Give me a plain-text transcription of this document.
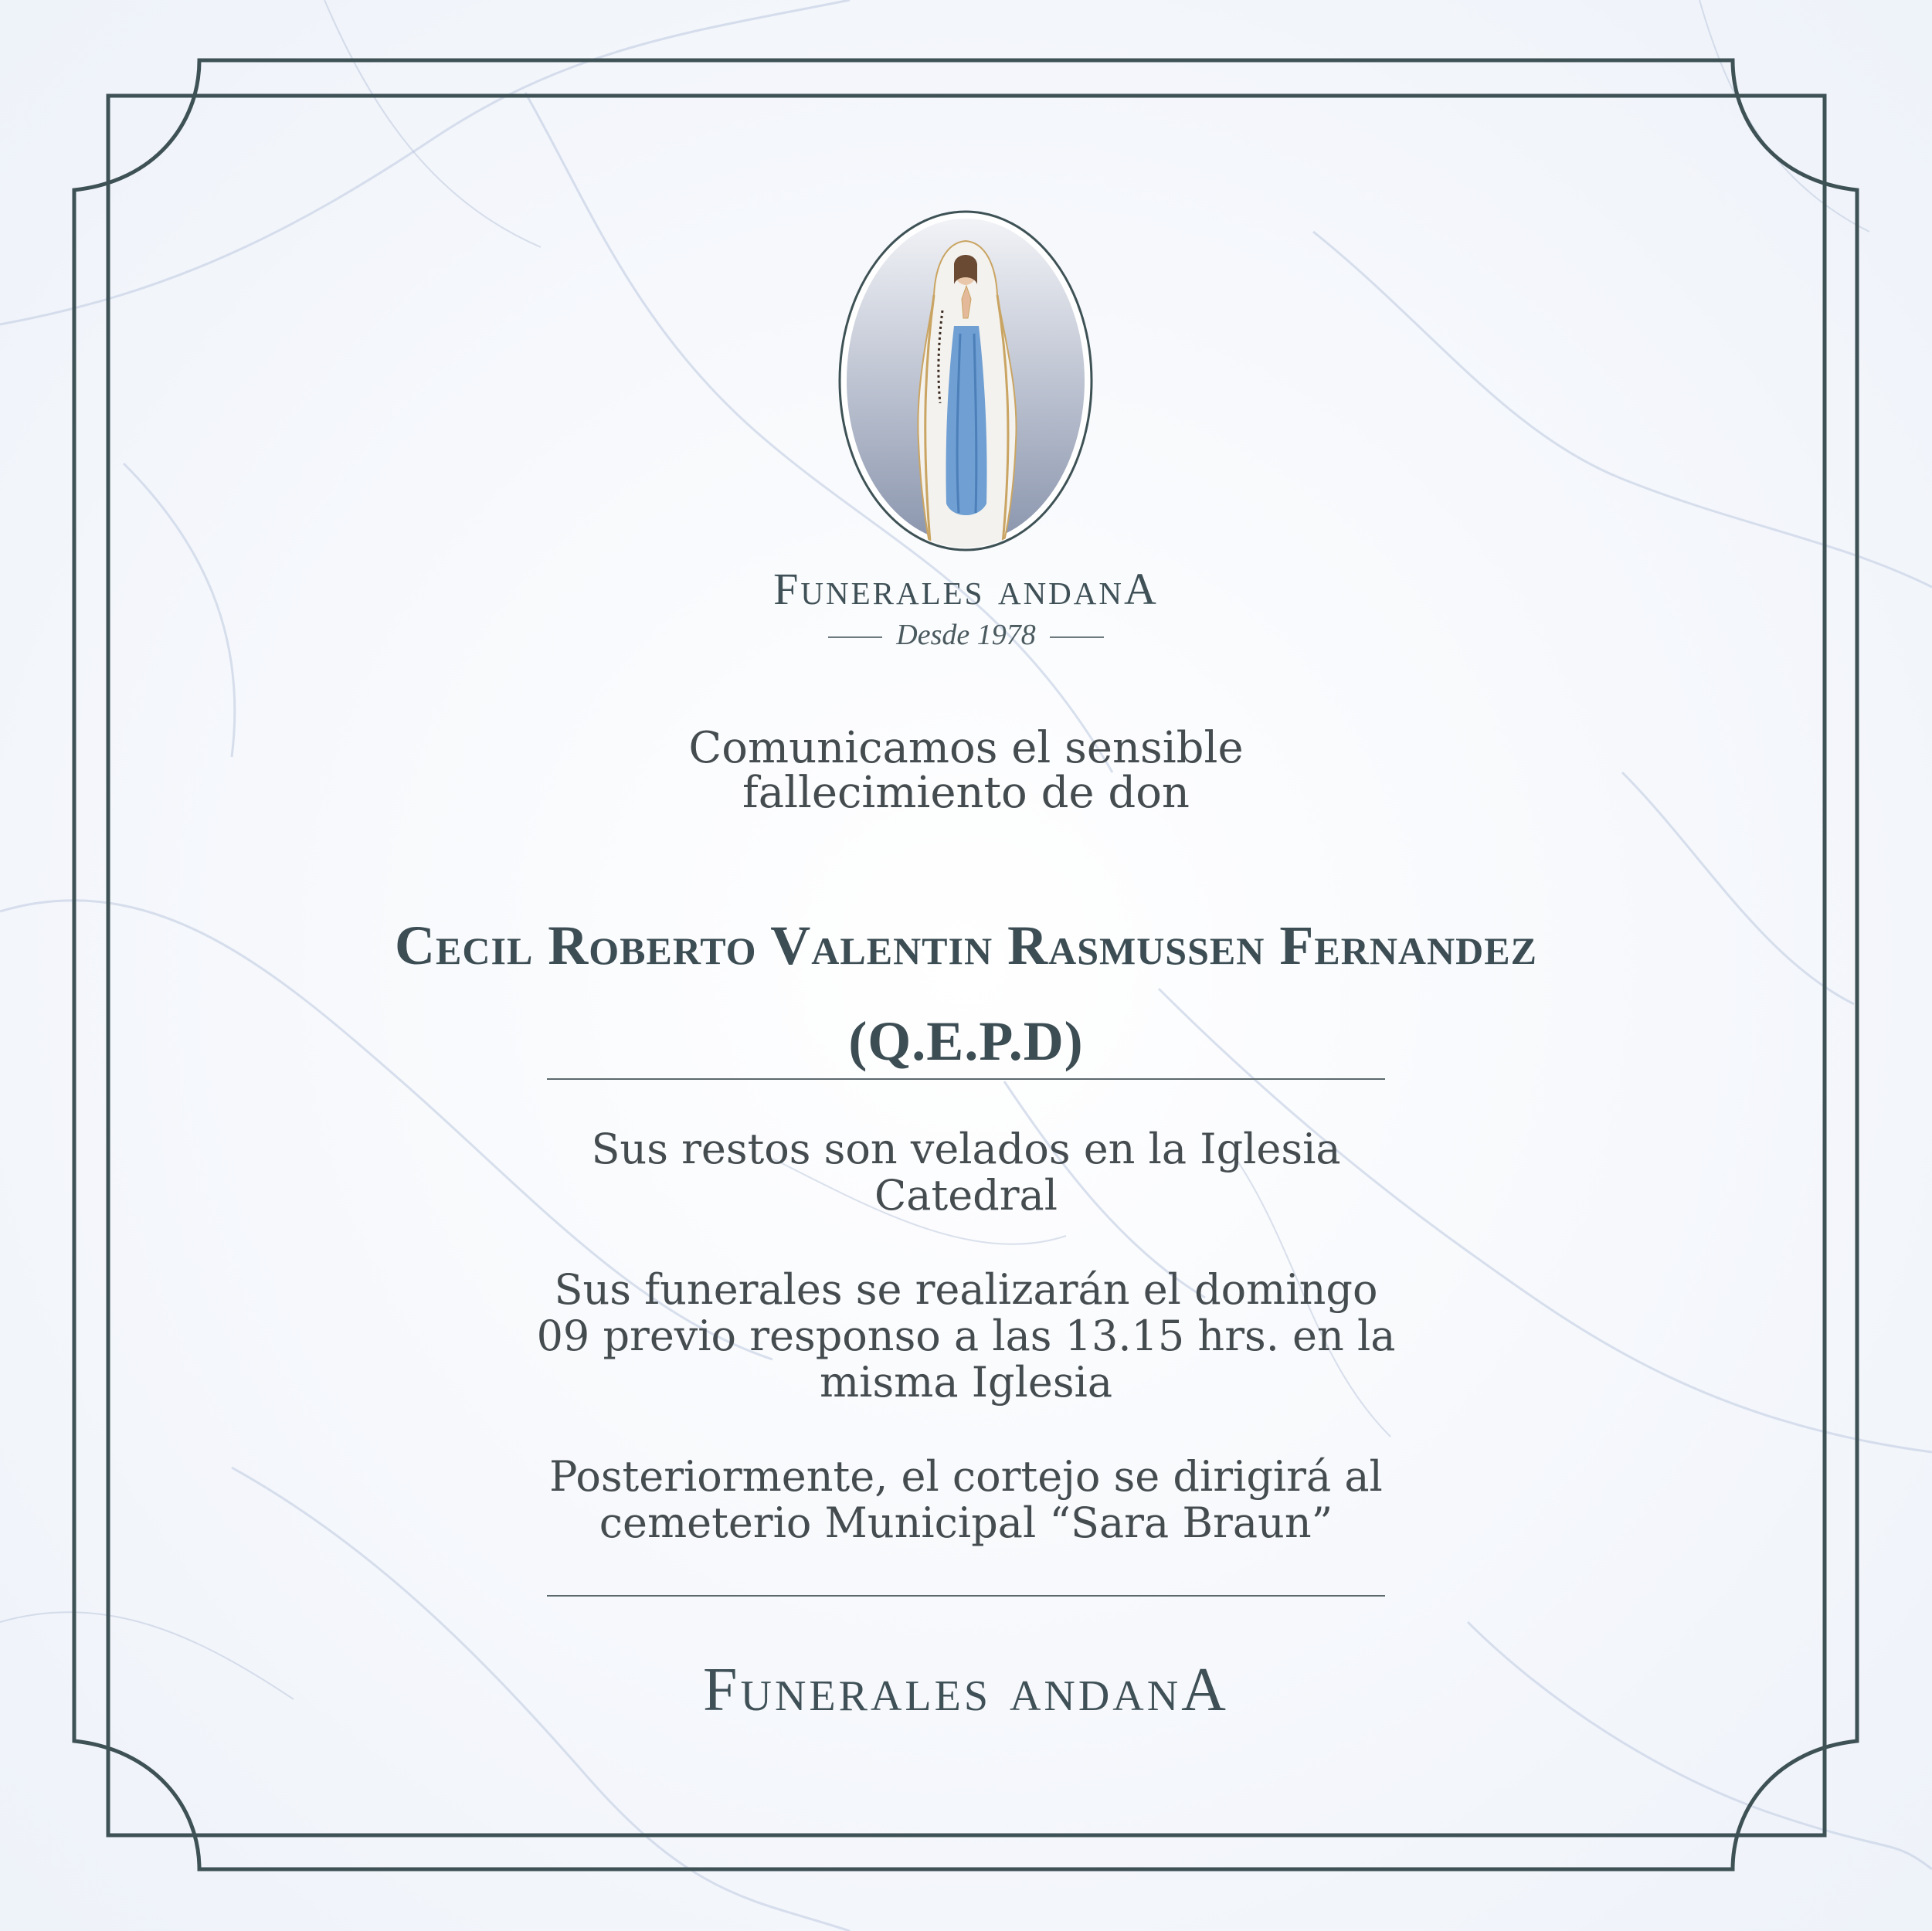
Funerales andanA
Desde 1978
Comunicamos el sensible
fallecimiento de don
Cecil Roberto Valentin Rasmussen Fernandez
(Q.E.P.D)
Sus restos son velados en la Iglesia
Catedral
Sus funerales se realizarán el domingo
09 previo responso a las 13.15 hrs. en la
misma Iglesia
Posteriormente, el cortejo se dirigirá al
cemeterio Municipal “Sara Braun”
Funerales andanA
